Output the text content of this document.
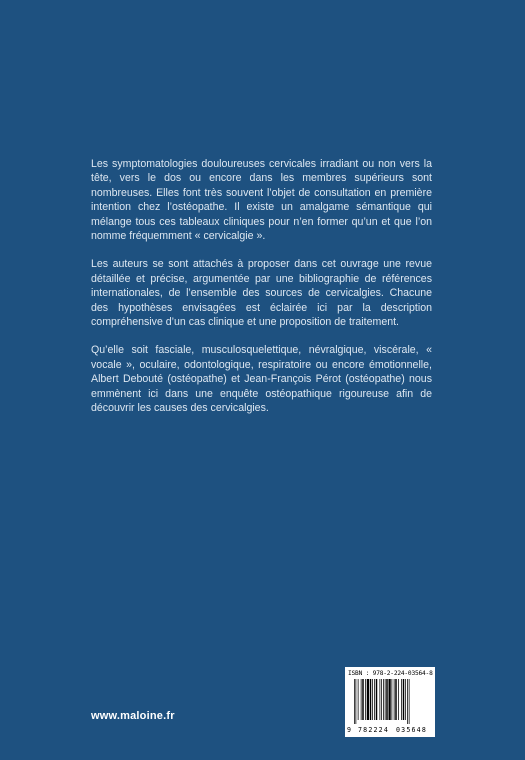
Les symptomatologies douloureuses cervicales irradiant ou non vers la tête, vers le dos ou encore dans les membres supérieurs sont nombreuses. Elles font très souvent l’objet de consultation en première intention chez l’ostéopathe. Il existe un amalgame sémantique qui mélange tous ces tableaux cliniques pour n’en former qu’un et que l’on nomme fréquemment « cervicalgie ».

Les auteurs se sont attachés à proposer dans cet ouvrage une revue détaillée et précise, argumentée par une bibliographie de références internationales, de l’ensemble des sources de cervicalgies. Chacune des hypothèses envisagées est éclairée ici par la description compréhensive d’un cas clinique et une proposition de traitement.

Qu’elle soit fasciale, musculosquelettique, névralgique, viscérale, « vocale », oculaire, odontologique, respiratoire ou encore émotionnelle, Albert Debouté (ostéopathe) et Jean-François Pérot (ostéopathe) nous emmènent ici dans une enquête ostéopathique rigoureuse afin de découvrir les causes des cervicalgies.

www.maloine.fr
ISBN : 978-2-224-03564-8
9 782224 035648
